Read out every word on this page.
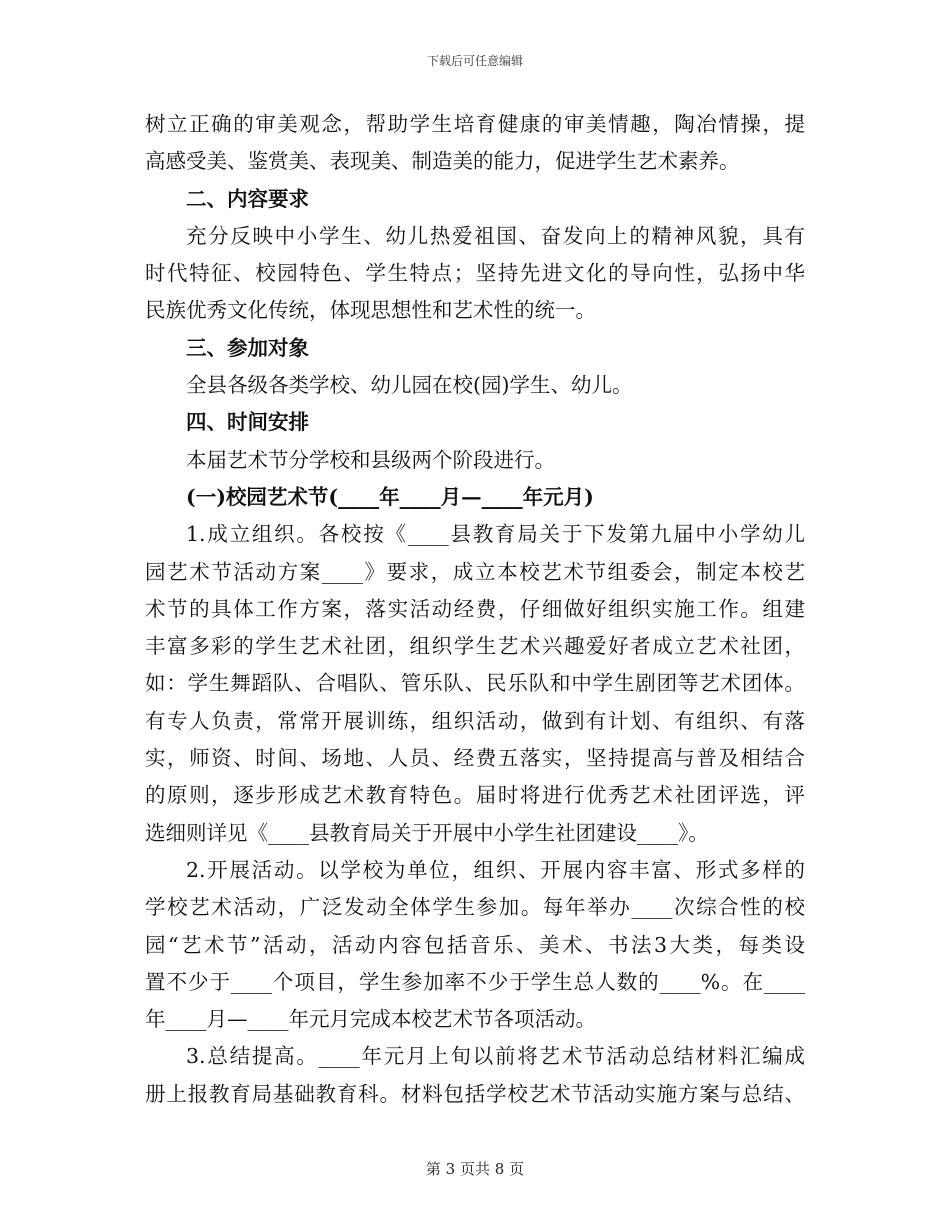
下载后可任意编辑
树立正确的审美观念，帮助学生培育健康的审美情趣，陶冶情操，提
高感受美、鉴赏美、表现美、制造美的能力，促进学生艺术素养。
二、内容要求
充分反映中小学生、幼儿热爱祖国、奋发向上的精神风貌，具有
时代特征、校园特色、学生特点；坚持先进文化的导向性，弘扬中华
民族优秀文化传统，体现思想性和艺术性的统一。
三、参加对象
全县各级各类学校、幼儿园在校(园)学生、幼儿。
四、时间安排
本届艺术节分学校和县级两个阶段进行。
(一)校园艺术节(____年____月—____年元月)
1.成立组织。各校按《____县教育局关于下发第九届中小学幼儿
园艺术节活动方案____》要求，成立本校艺术节组委会，制定本校艺
术节的具体工作方案，落实活动经费，仔细做好组织实施工作。组建
丰富多彩的学生艺术社团，组织学生艺术兴趣爱好者成立艺术社团，
如：学生舞蹈队、合唱队、管乐队、民乐队和中学生剧团等艺术团体。
有专人负责，常常开展训练，组织活动，做到有计划、有组织、有落
实，师资、时间、场地、人员、经费五落实，坚持提高与普及相结合
的原则，逐步形成艺术教育特色。届时将进行优秀艺术社团评选，评
选细则详见《____县教育局关于开展中小学生社团建设____》。
2.开展活动。以学校为单位，组织、开展内容丰富、形式多样的
学校艺术活动，广泛发动全体学生参加。每年举办____次综合性的校
园“艺术节”活动，活动内容包括音乐、美术、书法3大类，每类设
置不少于____个项目，学生参加率不少于学生总人数的____%。在____
年____月—____年元月完成本校艺术节各项活动。
3.总结提高。____年元月上旬以前将艺术节活动总结材料汇编成
册上报教育局基础教育科。材料包括学校艺术节活动实施方案与总结、
第 3 页共 8 页
